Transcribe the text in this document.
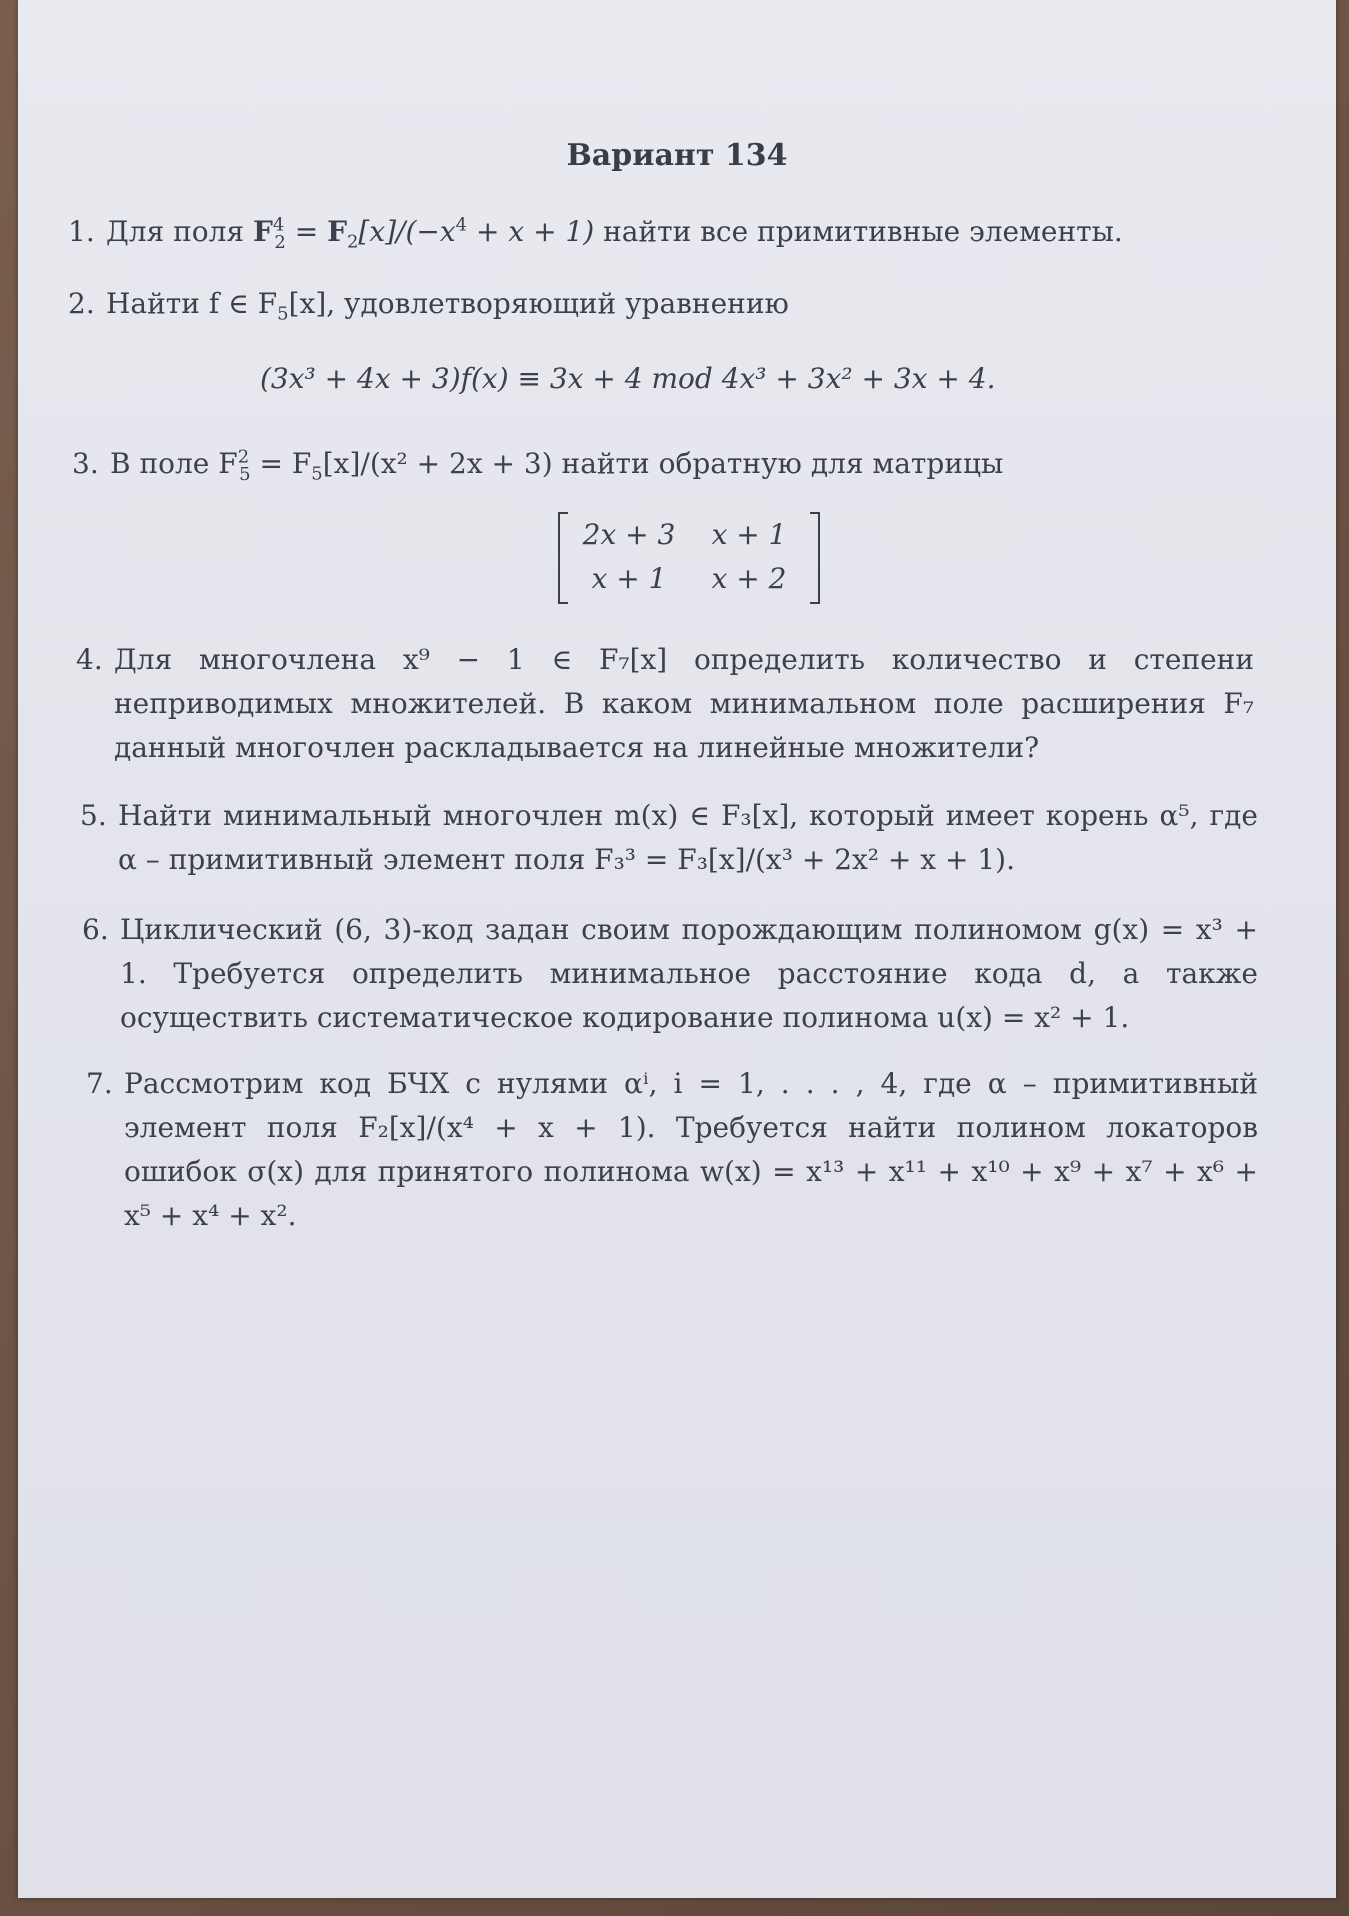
Вариант 134
1. Для поля $F^4_2 = F_2[x]/(-x^4 + x + 1)$ найти все примитивные элементы.
2. Найти f ∈ $F_5[x]$, удовлетворяющий уравнению
(3x³ + 4x + 3)f(x) ≡ 3x + 4 mod 4x³ + 3x² + 3x + 4.
3. В поле $F^2_5 = F_5[x]/(x^2 + 2x + 3)$ найти обратную для матрицы
2x + 3	x + 1
x + 1	x + 2
4. Для многочлена x⁹ − 1 ∈ F₇[x] определить количество и степени неприводимых множителей. В каком минимальном поле расширения F₇ данный многочлен раскладывается на линейные множители?
5. Найти минимальный многочлен m(x) ∈ F₃[x], который имеет корень α⁵, где α – примитивный элемент поля F₃³ = F₃[x]/(x³ + 2x² + x + 1).
6. Циклический (6, 3)-код задан своим порождающим полиномом g(x) = x³ + 1. Требуется определить минимальное расстояние кода d, а также осуществить систематическое кодирование полинома u(x) = x² + 1.
7. Рассмотрим код БЧХ с нулями αⁱ, i = 1, . . . , 4, где α – примитивный элемент поля F₂[x]/(x⁴ + x + 1). Требуется найти полином локаторов ошибок σ(x) для принятого полинома w(x) = x¹³ + x¹¹ + x¹⁰ + x⁹ + x⁷ + x⁶ + x⁵ + x⁴ + x².
